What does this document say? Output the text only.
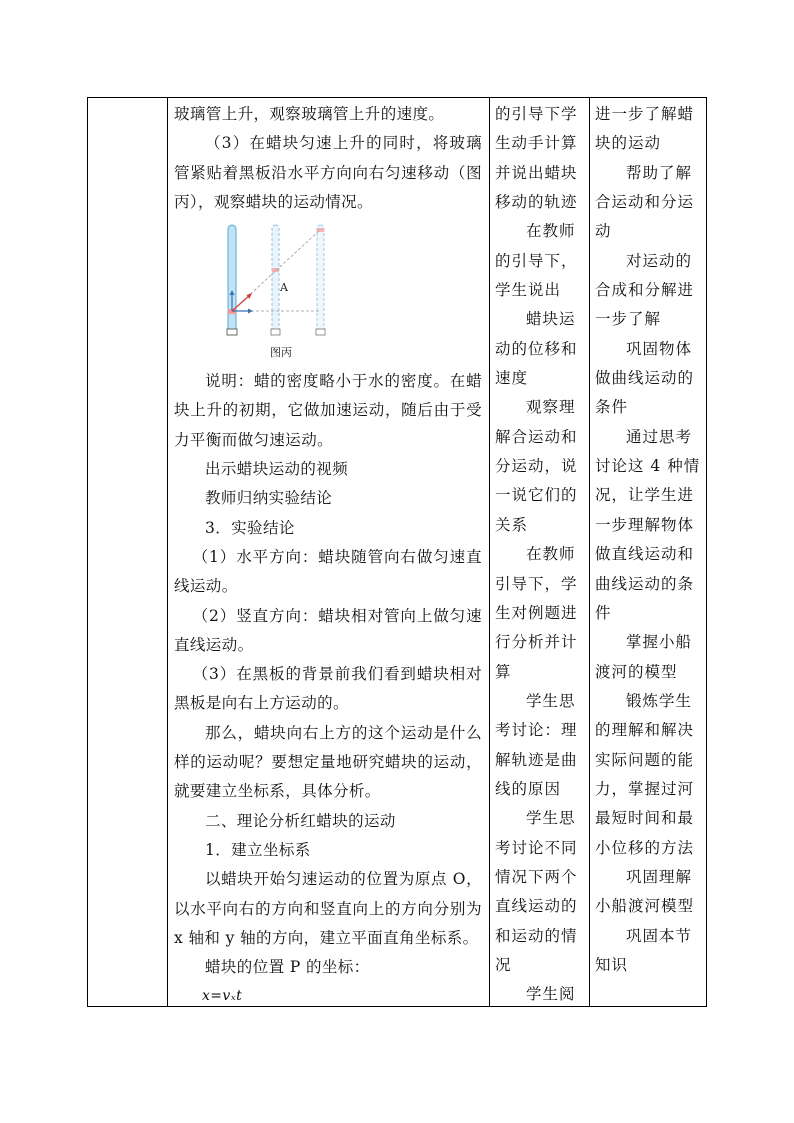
玻璃管上升，观察玻璃管上升的速度。

（3）在蜡块匀速上升的同时，将玻璃管紧贴着黑板沿水平方向向右匀速移动（图丙），观察蜡块的运动情况。

A
图丙

说明：蜡的密度略小于水的密度。在蜡块上升的初期，它做加速运动，随后由于受力平衡而做匀速运动。

出示蜡块运动的视频

教师归纳实验结论

3．实验结论

（1）水平方向：蜡块随管向右做匀速直线运动。

（2）竖直方向：蜡块相对管向上做匀速直线运动。

（3）在黑板的背景前我们看到蜡块相对黑板是向右上方运动的。

那么，蜡块向右上方的这个运动是什么样的运动呢？要想定量地研究蜡块的运动，就要建立坐标系，具体分析。

二、理论分析红蜡块的运动

1．建立坐标系

以蜡块开始匀速运动的位置为原点 O，以水平向右的方向和竖直向上的方向分别为 x 轴和 y 轴的方向，建立平面直角坐标系。

蜡块的位置 P 的坐标：

x=vₓt

的引导下学生动手计算并说出蜡块移动的轨迹

在教师的引导下，学生说出

蜡块运动的位移和速度

观察理解合运动和分运动，说一说它们的关系

在教师引导下，学生对例题进行分析并计算

学生思考讨论：理解轨迹是曲线的原因

学生思考讨论不同情况下两个直线运动的和运动的情况

学生阅

进一步了解蜡块的运动

帮助了解合运动和分运动

对运动的合成和分解进一步了解

巩固物体做曲线运动的条件

通过思考讨论这 4 种情况，让学生进一步理解物体做直线运动和曲线运动的条件

掌握小船渡河的模型

锻炼学生的理解和解决实际问题的能力，掌握过河最短时间和最小位移的方法

巩固理解小船渡河模型

巩固本节知识
